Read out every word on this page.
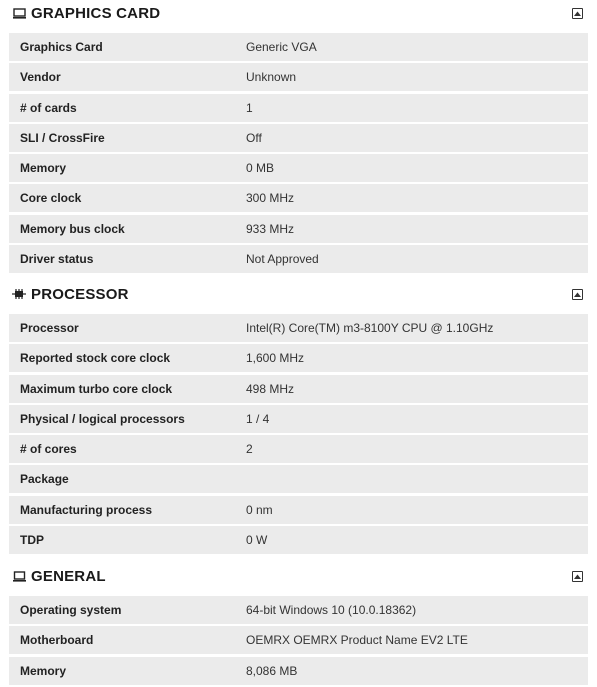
GRAPHICS CARD
Graphics Card	Generic VGA
Vendor	Unknown
# of cards	1
SLI / CrossFire	Off
Memory	0 MB
Core clock	300 MHz
Memory bus clock	933 MHz
Driver status	Not Approved
PROCESSOR
Processor	Intel(R) Core(TM) m3-8100Y CPU @ 1.10GHz
Reported stock core clock	1,600 MHz
Maximum turbo core clock	498 MHz
Physical / logical processors	1 / 4
# of cores	2
Package
Manufacturing process	0 nm
TDP	0 W
GENERAL
Operating system	64-bit Windows 10 (10.0.18362)
Motherboard	OEMRX OEMRX Product Name EV2 LTE
Memory	8,086 MB
